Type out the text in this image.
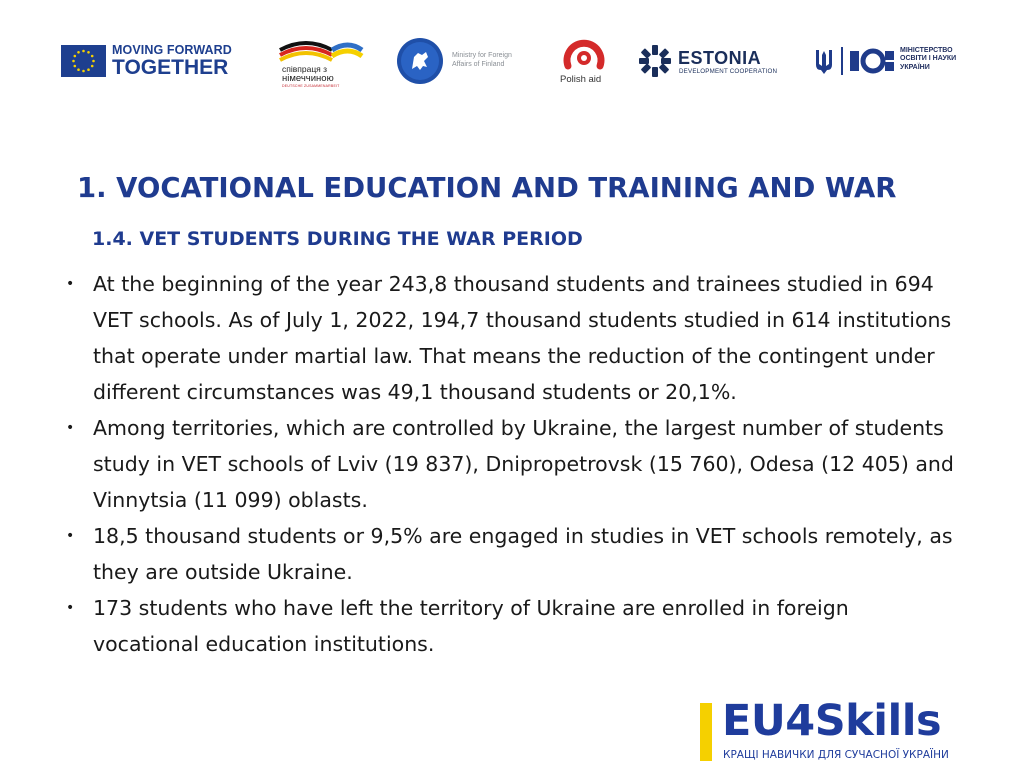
MOVING FORWARD
TOGETHER	співпраця з
німеччиною
DEUTSCHE ZUSAMMENARBEIT
Ministry for Foreign
Affairs of Finland
Polish aid
ESTONIA
DEVELOPMENT COOPERATION
МІНІСТЕРСТВО
ОСВІТИ І НАУКИ
УКРАЇНИ
1. VOCATIONAL EDUCATION AND TRAINING AND WAR
1.4. VET STUDENTS DURING THE WAR PERIOD
• At the beginning of the year 243,8 thousand students and trainees studied in 694 VET schools. As of July 1, 2022, 194,7 thousand students studied in 614 institutions that operate under martial law. That means the reduction of the contingent under different circumstances was 49,1 thousand students or 20,1%.
• Among territories, which are controlled by Ukraine, the largest number of students study in VET schools of Lviv (19 837), Dnipropetrovsk (15 760), Odesa (12 405) and Vinnytsia (11 099) oblasts.
• 18,5 thousand students or 9,5% are engaged in studies in VET schools remotely, as they are outside Ukraine.
• 173 students who have left the territory of Ukraine are enrolled in foreign vocational education institutions.
EU4Skills
КРАЩІ НАВИЧКИ ДЛЯ СУЧАСНОЇ УКРАЇНИ
